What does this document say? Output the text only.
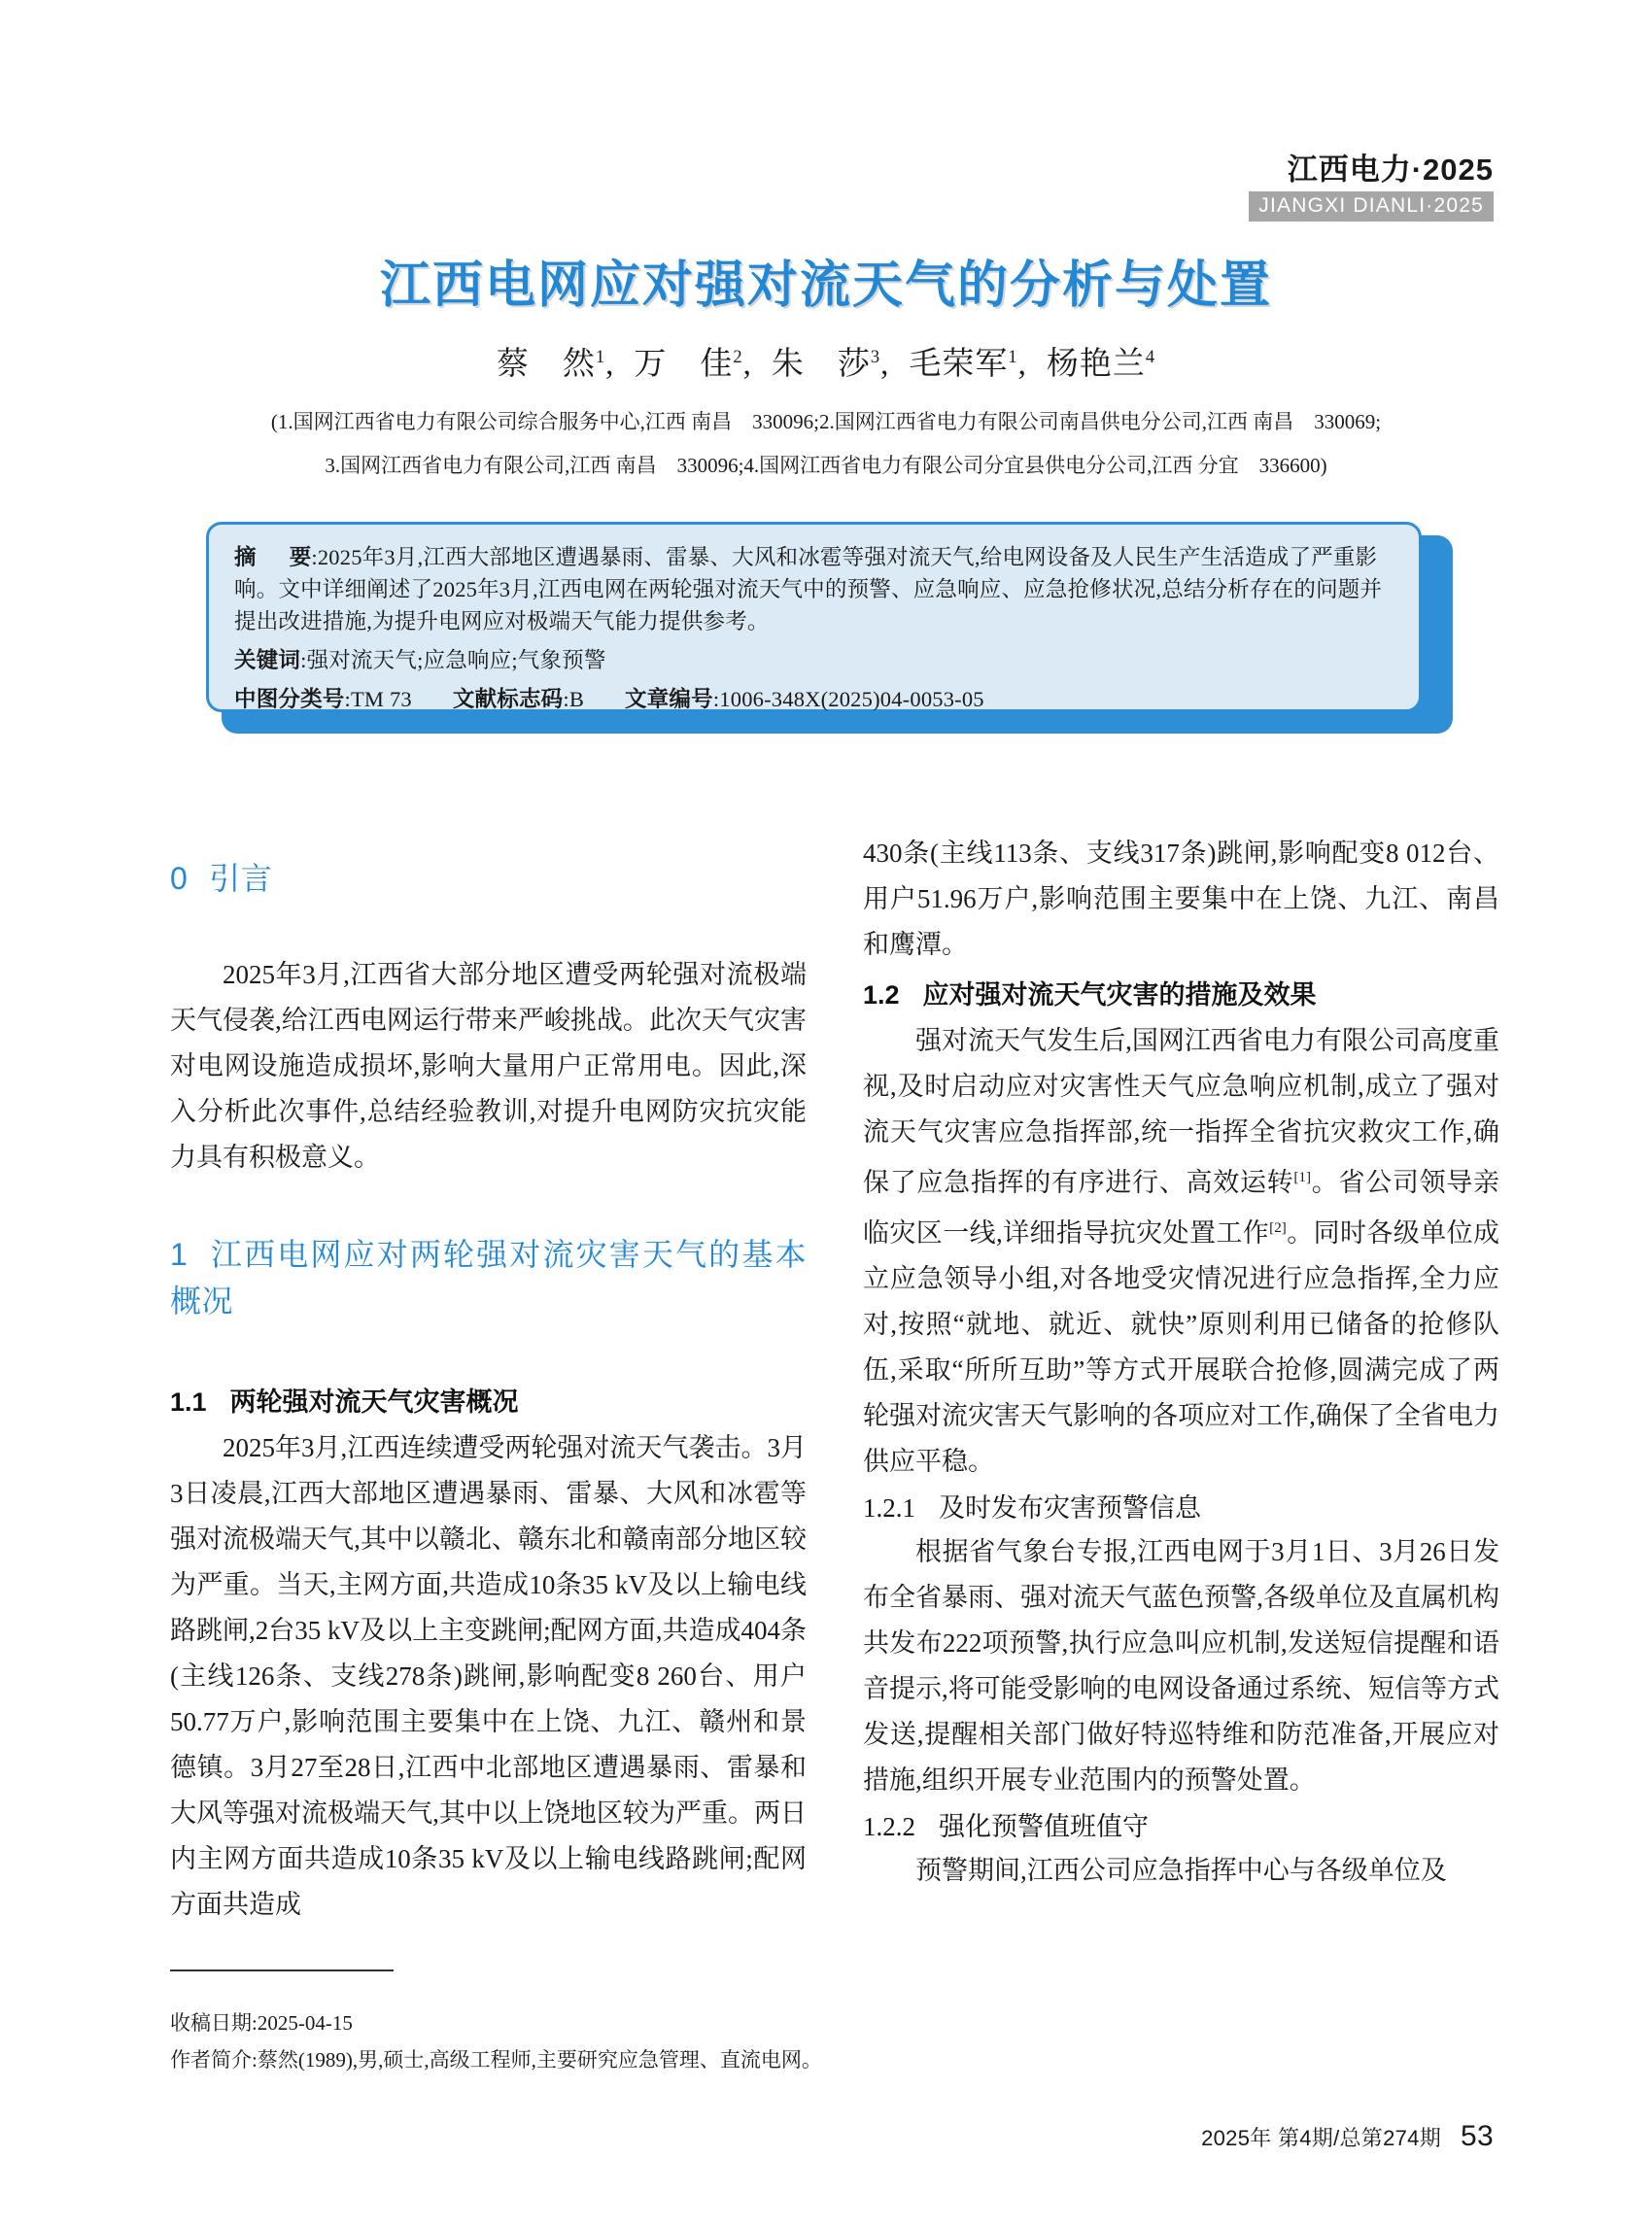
江西电力·2025
JIANGXI DIANLI·2025
江西电网应对强对流天气的分析与处置
蔡 然$^1$, 万 佳$^2$, 朱 莎$^3$, 毛荣军$^1$, 杨艳兰$^4$
(1.国网江西省电力有限公司综合服务中心,江西 南昌　330096;2.国网江西省电力有限公司南昌供电分公司,江西 南昌　330069;
3.国网江西省电力有限公司,江西 南昌　330096;4.国网江西省电力有限公司分宜县供电分公司,江西 分宜　336600)
摘 要:2025年3月,江西大部地区遭遇暴雨、雷暴、大风和冰雹等强对流天气,给电网设备及人民生产生活造成了严重影响。文中详细阐述了2025年3月,江西电网在两轮强对流天气中的预警、应急响应、应急抢修状况,总结分析存在的问题并提出改进措施,为提升电网应对极端天气能力提供参考。
关键词:强对流天气;应急响应;气象预警
中图分类号:TM 73 文献标志码:B 文章编号:1006-348X(2025)04-0053-05
0 引言

2025年3月,江西省大部分地区遭受两轮强对流极端天气侵袭,给江西电网运行带来严峻挑战。此次天气灾害对电网设施造成损坏,影响大量用户正常用电。因此,深入分析此次事件,总结经验教训,对提升电网防灾抗灾能力具有积极意义。

1 江西电网应对两轮强对流灾害天气的基本概况
1.1 两轮强对流天气灾害概况

2025年3月,江西连续遭受两轮强对流天气袭击。3月3日凌晨,江西大部地区遭遇暴雨、雷暴、大风和冰雹等强对流极端天气,其中以赣北、赣东北和赣南部分地区较为严重。当天,主网方面,共造成10条35 kV及以上输电线路跳闸,2台35 kV及以上主变跳闸;配网方面,共造成404条(主线126条、支线278条)跳闸,影响配变8 260台、用户50.77万户,影响范围主要集中在上饶、九江、赣州和景德镇。3月27至28日,江西中北部地区遭遇暴雨、雷暴和大风等强对流极端天气,其中以上饶地区较为严重。两日内主网方面共造成10条35 kV及以上输电线路跳闸;配网方面共造成

430条(主线113条、支线317条)跳闸,影响配变8 012台、用户51.96万户,影响范围主要集中在上饶、九江、南昌和鹰潭。

1.2 应对强对流天气灾害的措施及效果

强对流天气发生后,国网江西省电力有限公司高度重视,及时启动应对灾害性天气应急响应机制,成立了强对流天气灾害应急指挥部,统一指挥全省抗灾救灾工作,确保了应急指挥的有序进行、高效运转[1]。省公司领导亲临灾区一线,详细指导抗灾处置工作[2]。同时各级单位成立应急领导小组,对各地受灾情况进行应急指挥,全力应对,按照“就地、就近、就快”原则利用已储备的抢修队伍,采取“所所互助”等方式开展联合抢修,圆满完成了两轮强对流灾害天气影响的各项应对工作,确保了全省电力供应平稳。

1.2.1 及时发布灾害预警信息

根据省气象台专报,江西电网于3月1日、3月26日发布全省暴雨、强对流天气蓝色预警,各级单位及直属机构共发布222项预警,执行应急叫应机制,发送短信提醒和语音提示,将可能受影响的电网设备通过系统、短信等方式发送,提醒相关部门做好特巡特维和防范准备,开展应对措施,组织开展专业范围内的预警处置。

1.2.2 强化预警值班值守

预警期间,江西公司应急指挥中心与各级单位及

收稿日期:2025-04-15
作者简介:蔡然(1989),男,硕士,高级工程师,主要研究应急管理、直流电网。
2025年 第4期/总第274期 53
